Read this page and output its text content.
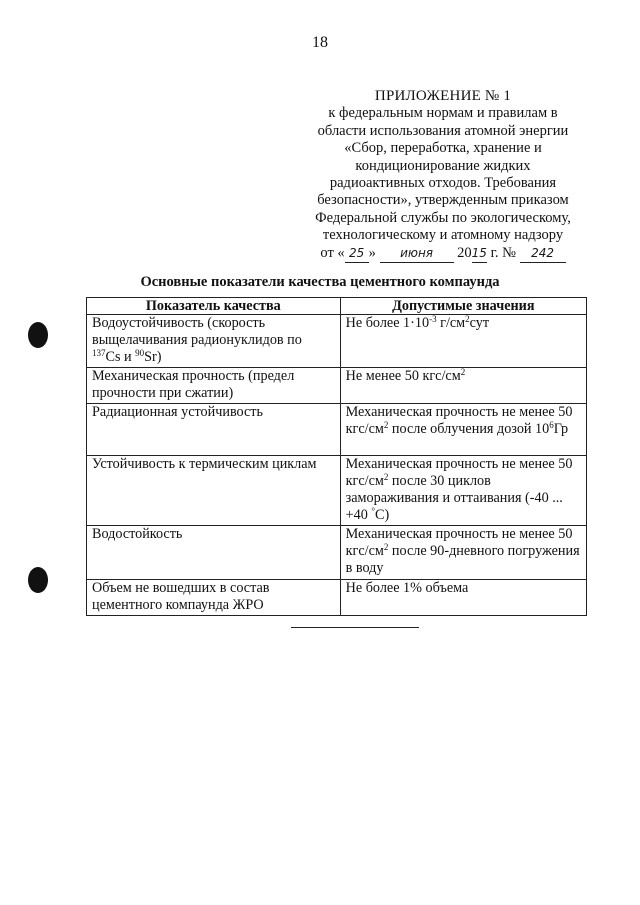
18
ПРИЛОЖЕНИЕ № 1
к федеральным нормам и правилам в
области использования атомной энергии
«Сбор, переработка, хранение и
кондиционирование жидких
радиоактивных отходов. Требования
безопасности», утвержденным приказом
Федеральной службы по экологическому,
технологическому и атомному надзору
от « 25 » июня 2015 г. № 242
Основные показатели качества цементного компаунда
Показатель качества	Допустимые значения
Водоустойчивость (скорость выщелачивания радионуклидов по
$^{137}$Cs и $^{90}$Sr)	Не более $1\cdot 10^{-3}$ $г/см^2сут$
Механическая прочность (предел прочности при сжатии)	Не менее 50 кгс/$см^2$
Радиационная устойчивость	Механическая прочность не менее 50 кгс/$см^2$ после облучения дозой $10^6Гр$
Устойчивость к термическим циклам	Механическая прочность не менее 50 кгс/$см^2$ после 30 циклов замораживания и оттаивания (-40 ... +40 °С)
Водостойкость	Механическая прочность не менее 50 кгс/$см^2$ после 90-дневного погружения в воду
Объем не вошедших в состав цементного компаунда ЖРО	Не более 1% объема
